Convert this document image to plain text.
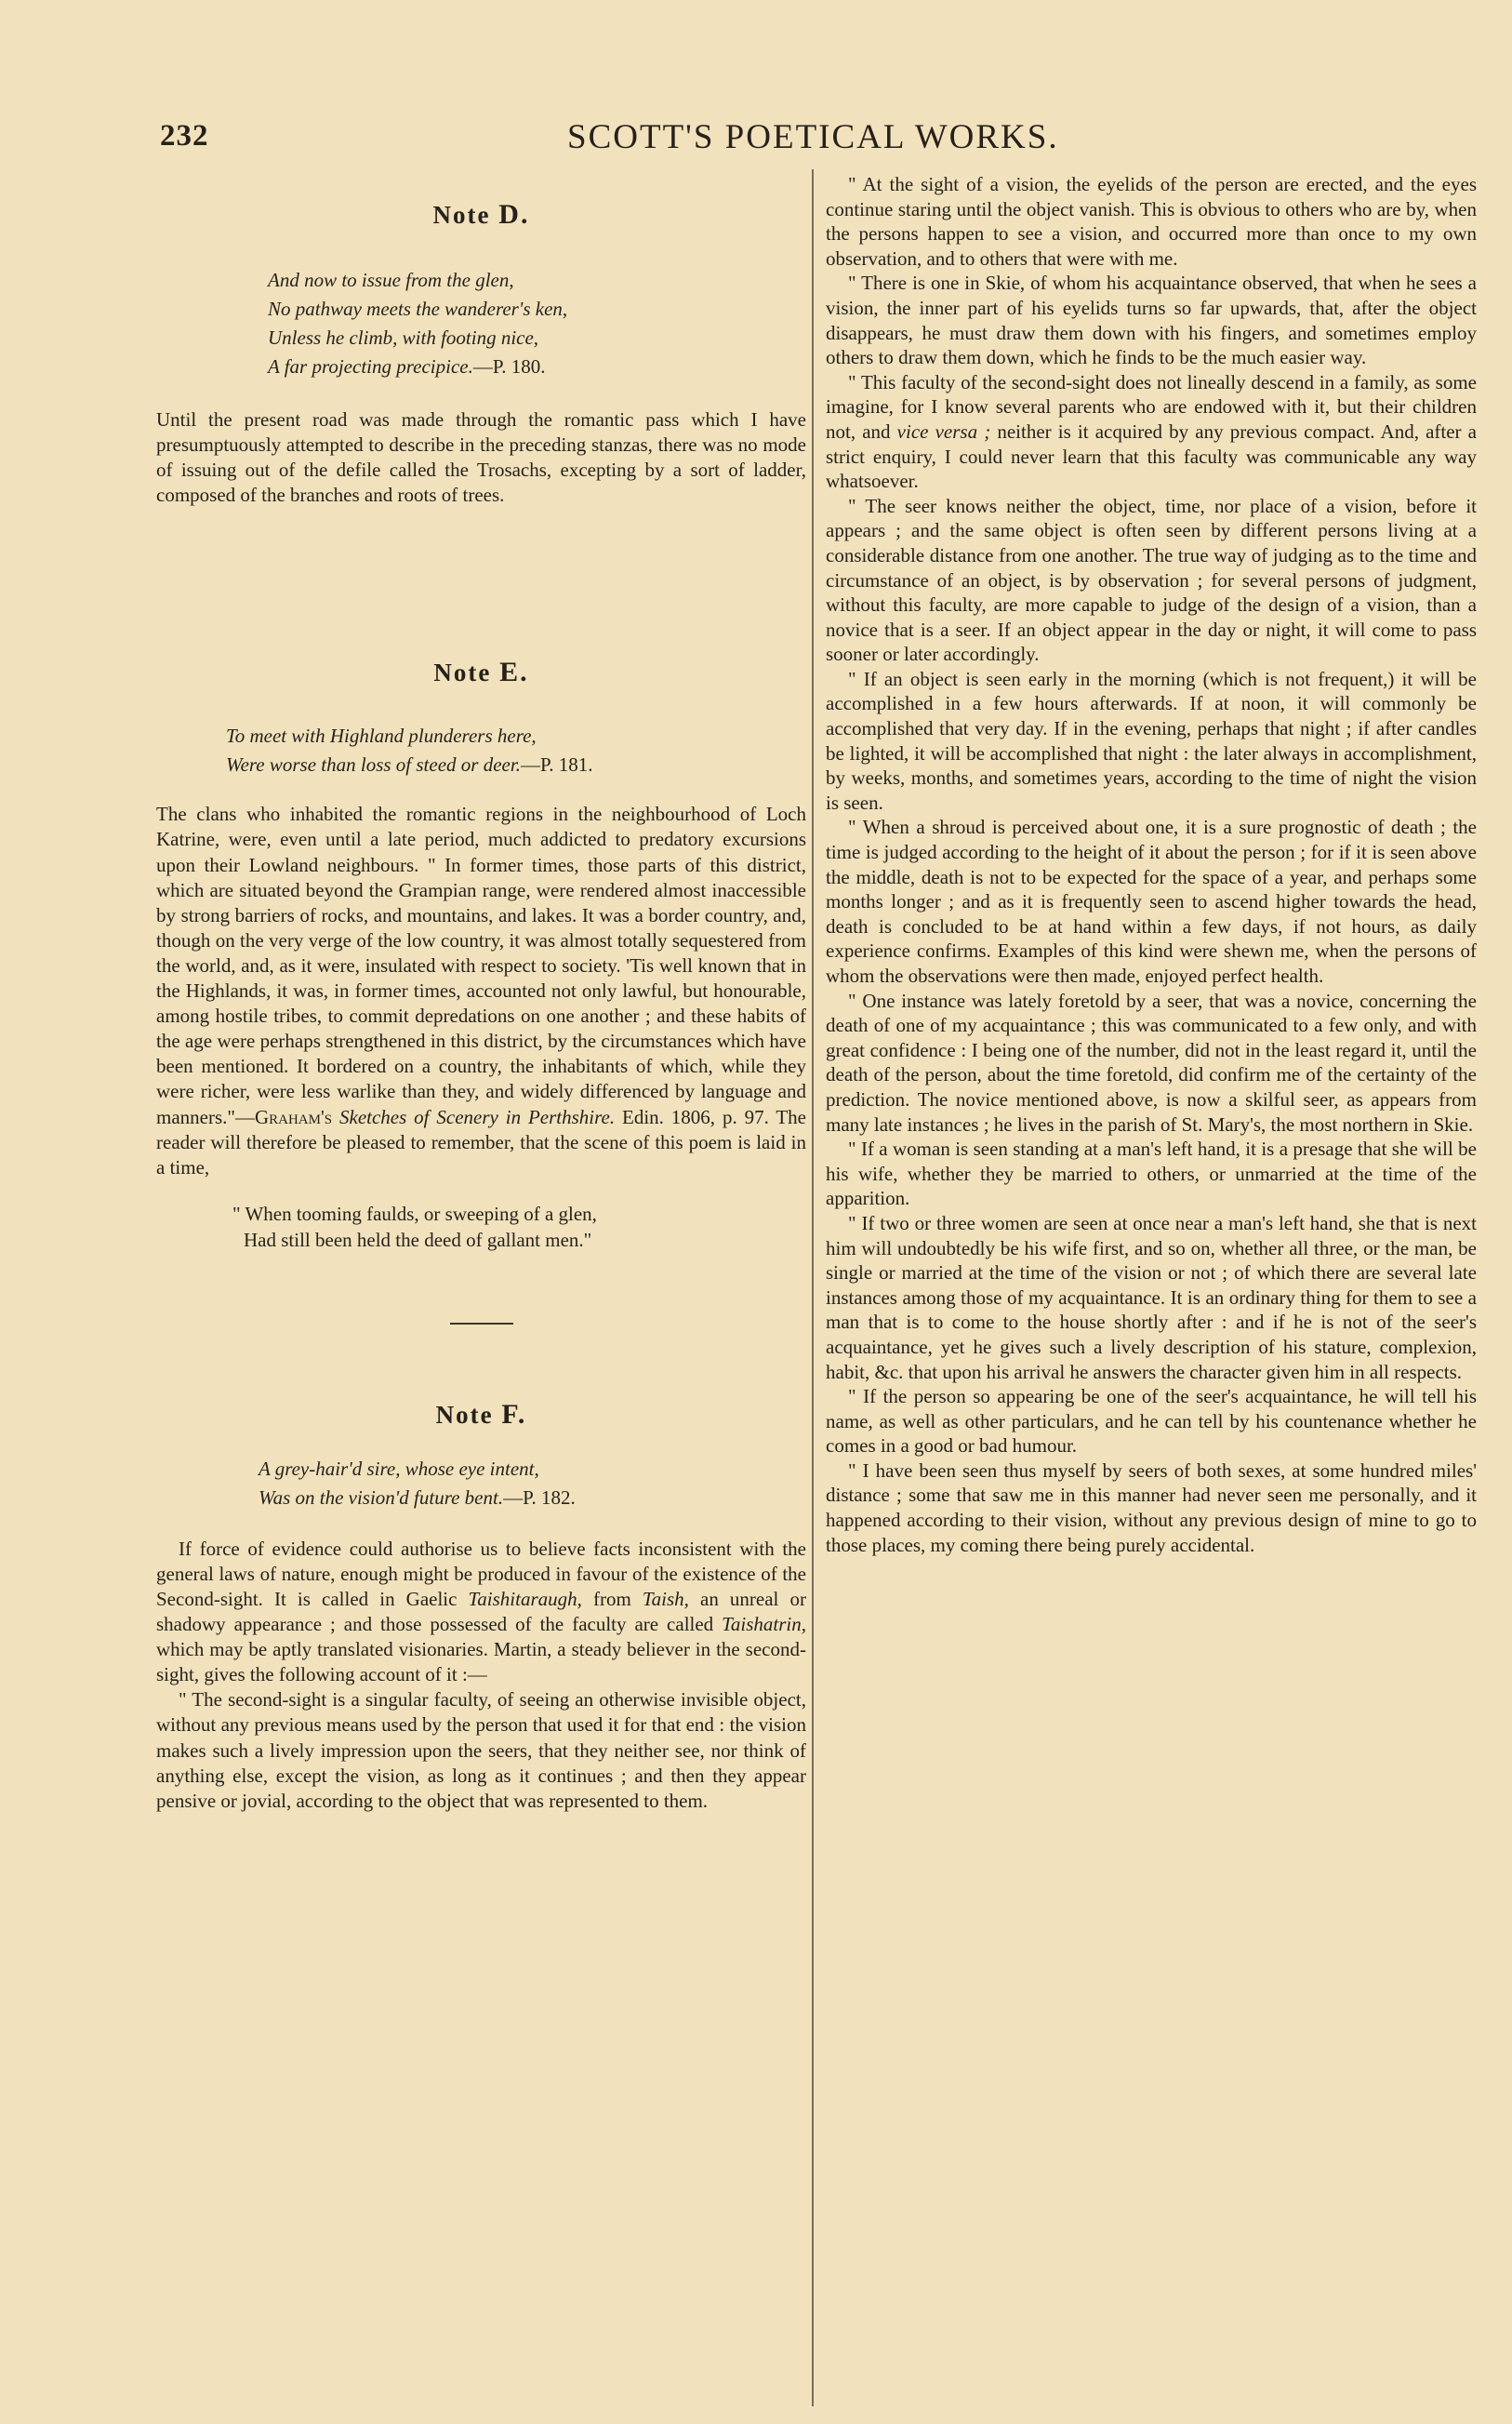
232	SCOTT'S POETICAL WORKS.
Note D.
And now to issue from the glen,
No pathway meets the wanderer's ken,
Unless he climb, with footing nice,
A far projecting precipice.—P. 180.

Until the present road was made through the romantic pass which I have presumptuously attempted to describe in the preceding stanzas, there was no mode of issuing out of the defile called the Trosachs, excepting by a sort of ladder, composed of the branches and roots of trees.

Note E.
To meet with Highland plunderers here,
Were worse than loss of steed or deer.—P. 181.

The clans who inhabited the romantic regions in the neighbourhood of Loch Katrine, were, even until a late period, much addicted to predatory excursions upon their Lowland neighbours. " In former times, those parts of this district, which are situated beyond the Grampian range, were rendered almost inaccessible by strong barriers of rocks, and mountains, and lakes. It was a border country, and, though on the very verge of the low country, it was almost totally sequestered from the world, and, as it were, insulated with respect to society. 'Tis well known that in the Highlands, it was, in former times, accounted not only lawful, but honourable, among hostile tribes, to commit depredations on one another ; and these habits of the age were perhaps strengthened in this district, by the circumstances which have been mentioned. It bordered on a country, the inhabitants of which, while they were richer, were less warlike than they, and widely differenced by language and manners."—Graham's Sketches of Scenery in Perthshire. Edin. 1806, p. 97. The reader will therefore be pleased to remember, that the scene of this poem is laid in a time,

" When tooming faulds, or sweeping of a glen,
Had still been held the deed of gallant men."
Note F.
A grey-hair'd sire, whose eye intent,
Was on the vision'd future bent.—P. 182.

If force of evidence could authorise us to believe facts inconsistent with the general laws of nature, enough might be produced in favour of the existence of the Second-sight. It is called in Gaelic Taishitaraugh, from Taish, an unreal or shadowy appearance ; and those possessed of the faculty are called Taishatrin, which may be aptly translated visionaries. Martin, a steady believer in the second-sight, gives the following account of it :—

" The second-sight is a singular faculty, of seeing an otherwise invisible object, without any previous means used by the person that used it for that end : the vision makes such a lively impression upon the seers, that they neither see, nor think of anything else, except the vision, as long as it continues ; and then they appear pensive or jovial, according to the object that was represented to them.

" At the sight of a vision, the eyelids of the person are erected, and the eyes continue staring until the object vanish. This is obvious to others who are by, when the persons happen to see a vision, and occurred more than once to my own observation, and to others that were with me.

" There is one in Skie, of whom his acquaintance observed, that when he sees a vision, the inner part of his eyelids turns so far upwards, that, after the object disappears, he must draw them down with his fingers, and sometimes employ others to draw them down, which he finds to be the much easier way.

" This faculty of the second-sight does not lineally descend in a family, as some imagine, for I know several parents who are endowed with it, but their children not, and vice versa ; neither is it acquired by any previous compact. And, after a strict enquiry, I could never learn that this faculty was communicable any way whatsoever.

" The seer knows neither the object, time, nor place of a vision, before it appears ; and the same object is often seen by different persons living at a considerable distance from one another. The true way of judging as to the time and circumstance of an object, is by observation ; for several persons of judgment, without this faculty, are more capable to judge of the design of a vision, than a novice that is a seer. If an object appear in the day or night, it will come to pass sooner or later accordingly.

" If an object is seen early in the morning (which is not frequent,) it will be accomplished in a few hours afterwards. If at noon, it will commonly be accomplished that very day. If in the evening, perhaps that night ; if after candles be lighted, it will be accomplished that night : the later always in accomplishment, by weeks, months, and sometimes years, according to the time of night the vision is seen.

" When a shroud is perceived about one, it is a sure prognostic of death ; the time is judged according to the height of it about the person ; for if it is seen above the middle, death is not to be expected for the space of a year, and perhaps some months longer ; and as it is frequently seen to ascend higher towards the head, death is concluded to be at hand within a few days, if not hours, as daily experience confirms. Examples of this kind were shewn me, when the persons of whom the observations were then made, enjoyed perfect health.

" One instance was lately foretold by a seer, that was a novice, concerning the death of one of my acquaintance ; this was communicated to a few only, and with great confidence : I being one of the number, did not in the least regard it, until the death of the person, about the time foretold, did confirm me of the certainty of the prediction. The novice mentioned above, is now a skilful seer, as appears from many late instances ; he lives in the parish of St. Mary's, the most northern in Skie.

" If a woman is seen standing at a man's left hand, it is a presage that she will be his wife, whether they be married to others, or unmarried at the time of the apparition.

" If two or three women are seen at once near a man's left hand, she that is next him will undoubtedly be his wife first, and so on, whether all three, or the man, be single or married at the time of the vision or not ; of which there are several late instances among those of my acquaintance. It is an ordinary thing for them to see a man that is to come to the house shortly after : and if he is not of the seer's acquaintance, yet he gives such a lively description of his stature, complexion, habit, &c. that upon his arrival he answers the character given him in all respects.

" If the person so appearing be one of the seer's acquaintance, he will tell his name, as well as other particulars, and he can tell by his countenance whether he comes in a good or bad humour.

" I have been seen thus myself by seers of both sexes, at some hundred miles' distance ; some that saw me in this manner had never seen me personally, and it happened according to their vision, without any previous design of mine to go to those places, my coming there being purely accidental.
